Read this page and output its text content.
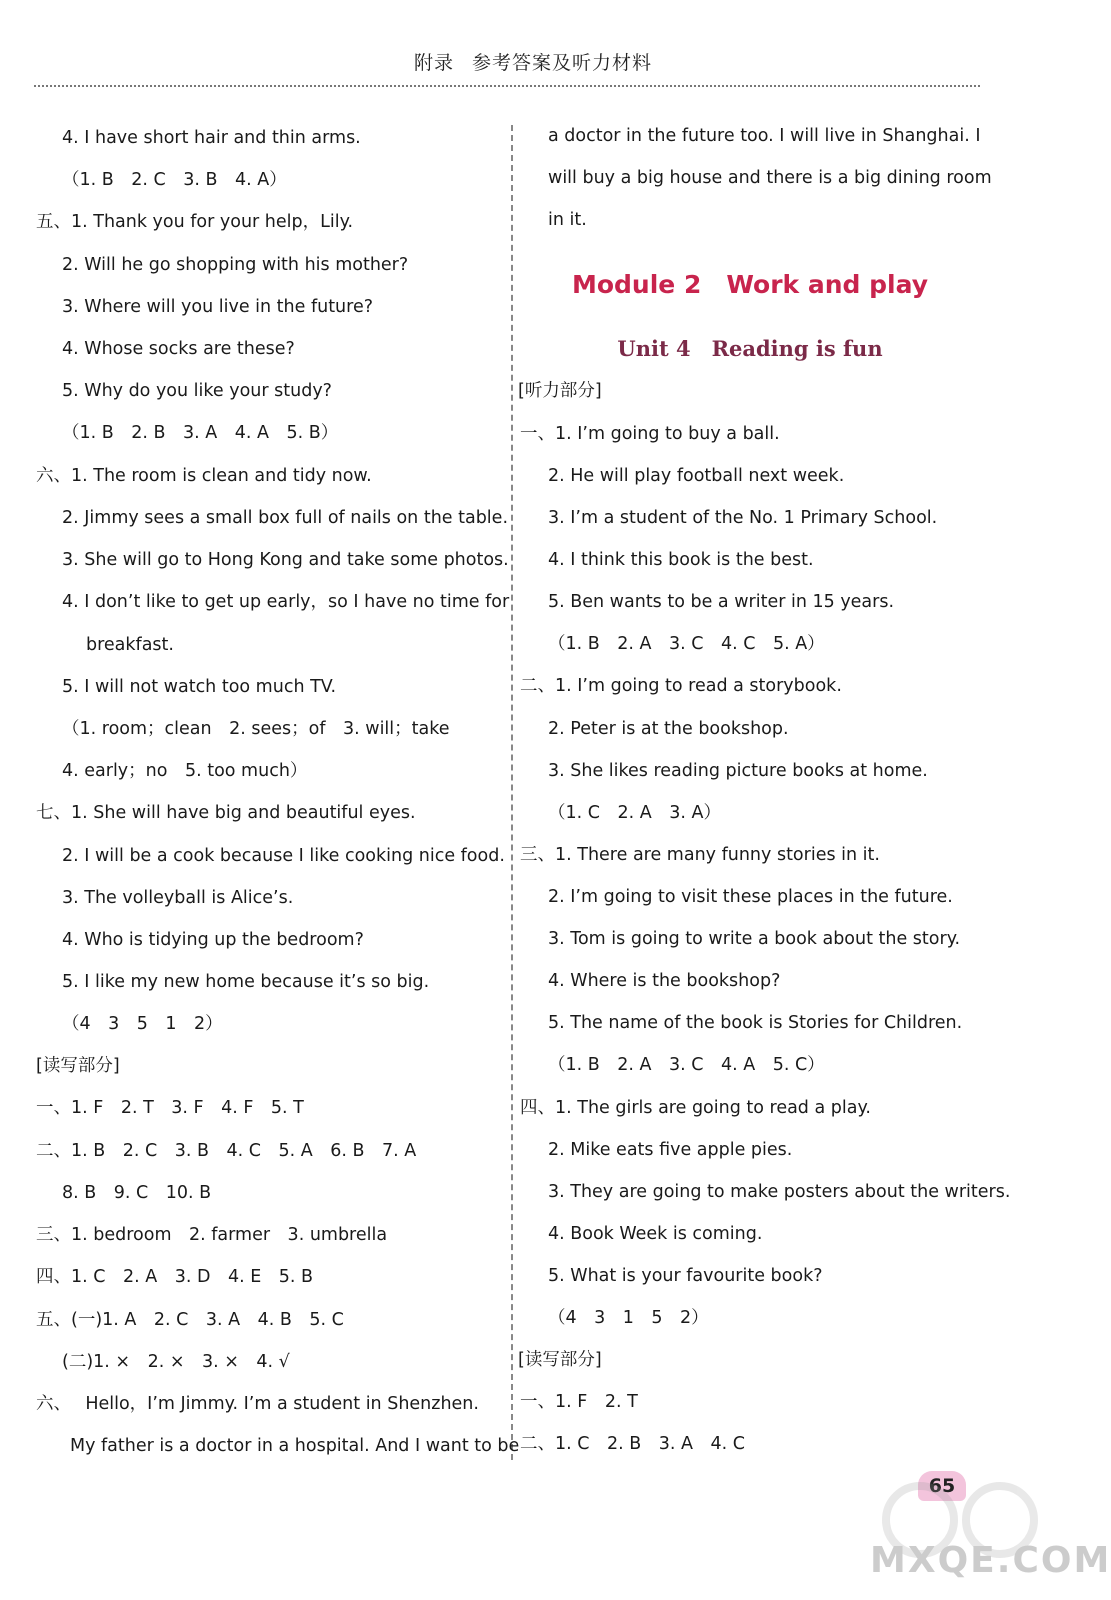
附录 参考答案及听力材料
4. I have short hair and thin arms.
（1. B　2. C　3. B　4. A）
五、1. Thank you for your help，Lily.
2. Will he go shopping with his mother?
3. Where will you live in the future?
4. Whose socks are these?
5. Why do you like your study?
（1. B　2. B　3. A　4. A　5. B）
六、1. The room is clean and tidy now.
2. Jimmy sees a small box full of nails on the table.
3. She will go to Hong Kong and take some photos.
4. I don’t like to get up early，so I have no time for
breakfast.
5. I will not watch too much TV.
（1. room；clean　2. sees；of　3. will；take
4. early；no　5. too much）
七、1. She will have big and beautiful eyes.
2. I will be a cook because I like cooking nice food.
3. The volleyball is Alice’s.
4. Who is tidying up the bedroom?
5. I like my new home because it’s so big.
（4　3　5　1　2）
[读写部分]
一、1. F　2. T　3. F　4. F　5. T
二、1. B　2. C　3. B　4. C　5. A　6. B　7. A
8. B　9. C　10. B
三、1. bedroom　2. farmer　3. umbrella
四、1. C　2. A　3. D　4. E　5. B
五、(一)1. A　2. C　3. A　4. B　5. C
(二)1. ×　2. ×　3. ×　4. √
六、　 Hello，I’m Jimmy. I’m a student in Shenzhen.
My father is a doctor in a hospital. And I want to be
a doctor in the future too. I will live in Shanghai. I
will buy a big house and there is a big dining room
in it.
Module 2　Work and play
Unit 4　Reading is fun
[听力部分]
一、1. I’m going to buy a ball.
2. He will play football next week.
3. I’m a student of the No. 1 Primary School.
4. I think this book is the best.
5. Ben wants to be a writer in 15 years.
（1. B　2. A　3. C　4. C　5. A）
二、1. I’m going to read a storybook.
2. Peter is at the bookshop.
3. She likes reading picture books at home.
（1. C　2. A　3. A）
三、1. There are many funny stories in it.
2. I’m going to visit these places in the future.
3. Tom is going to write a book about the story.
4. Where is the bookshop?
5. The name of the book is Stories for Children.
（1. B　2. A　3. C　4. A　5. C）
四、1. The girls are going to read a play.
2. Mike eats five apple pies.
3. They are going to make posters about the writers.
4. Book Week is coming.
5. What is your favourite book?
（4　3　1　5　2）
[读写部分]
一、1. F　2. T
二、1. C　2. B　3. A　4. C
65
MXQE.COM
